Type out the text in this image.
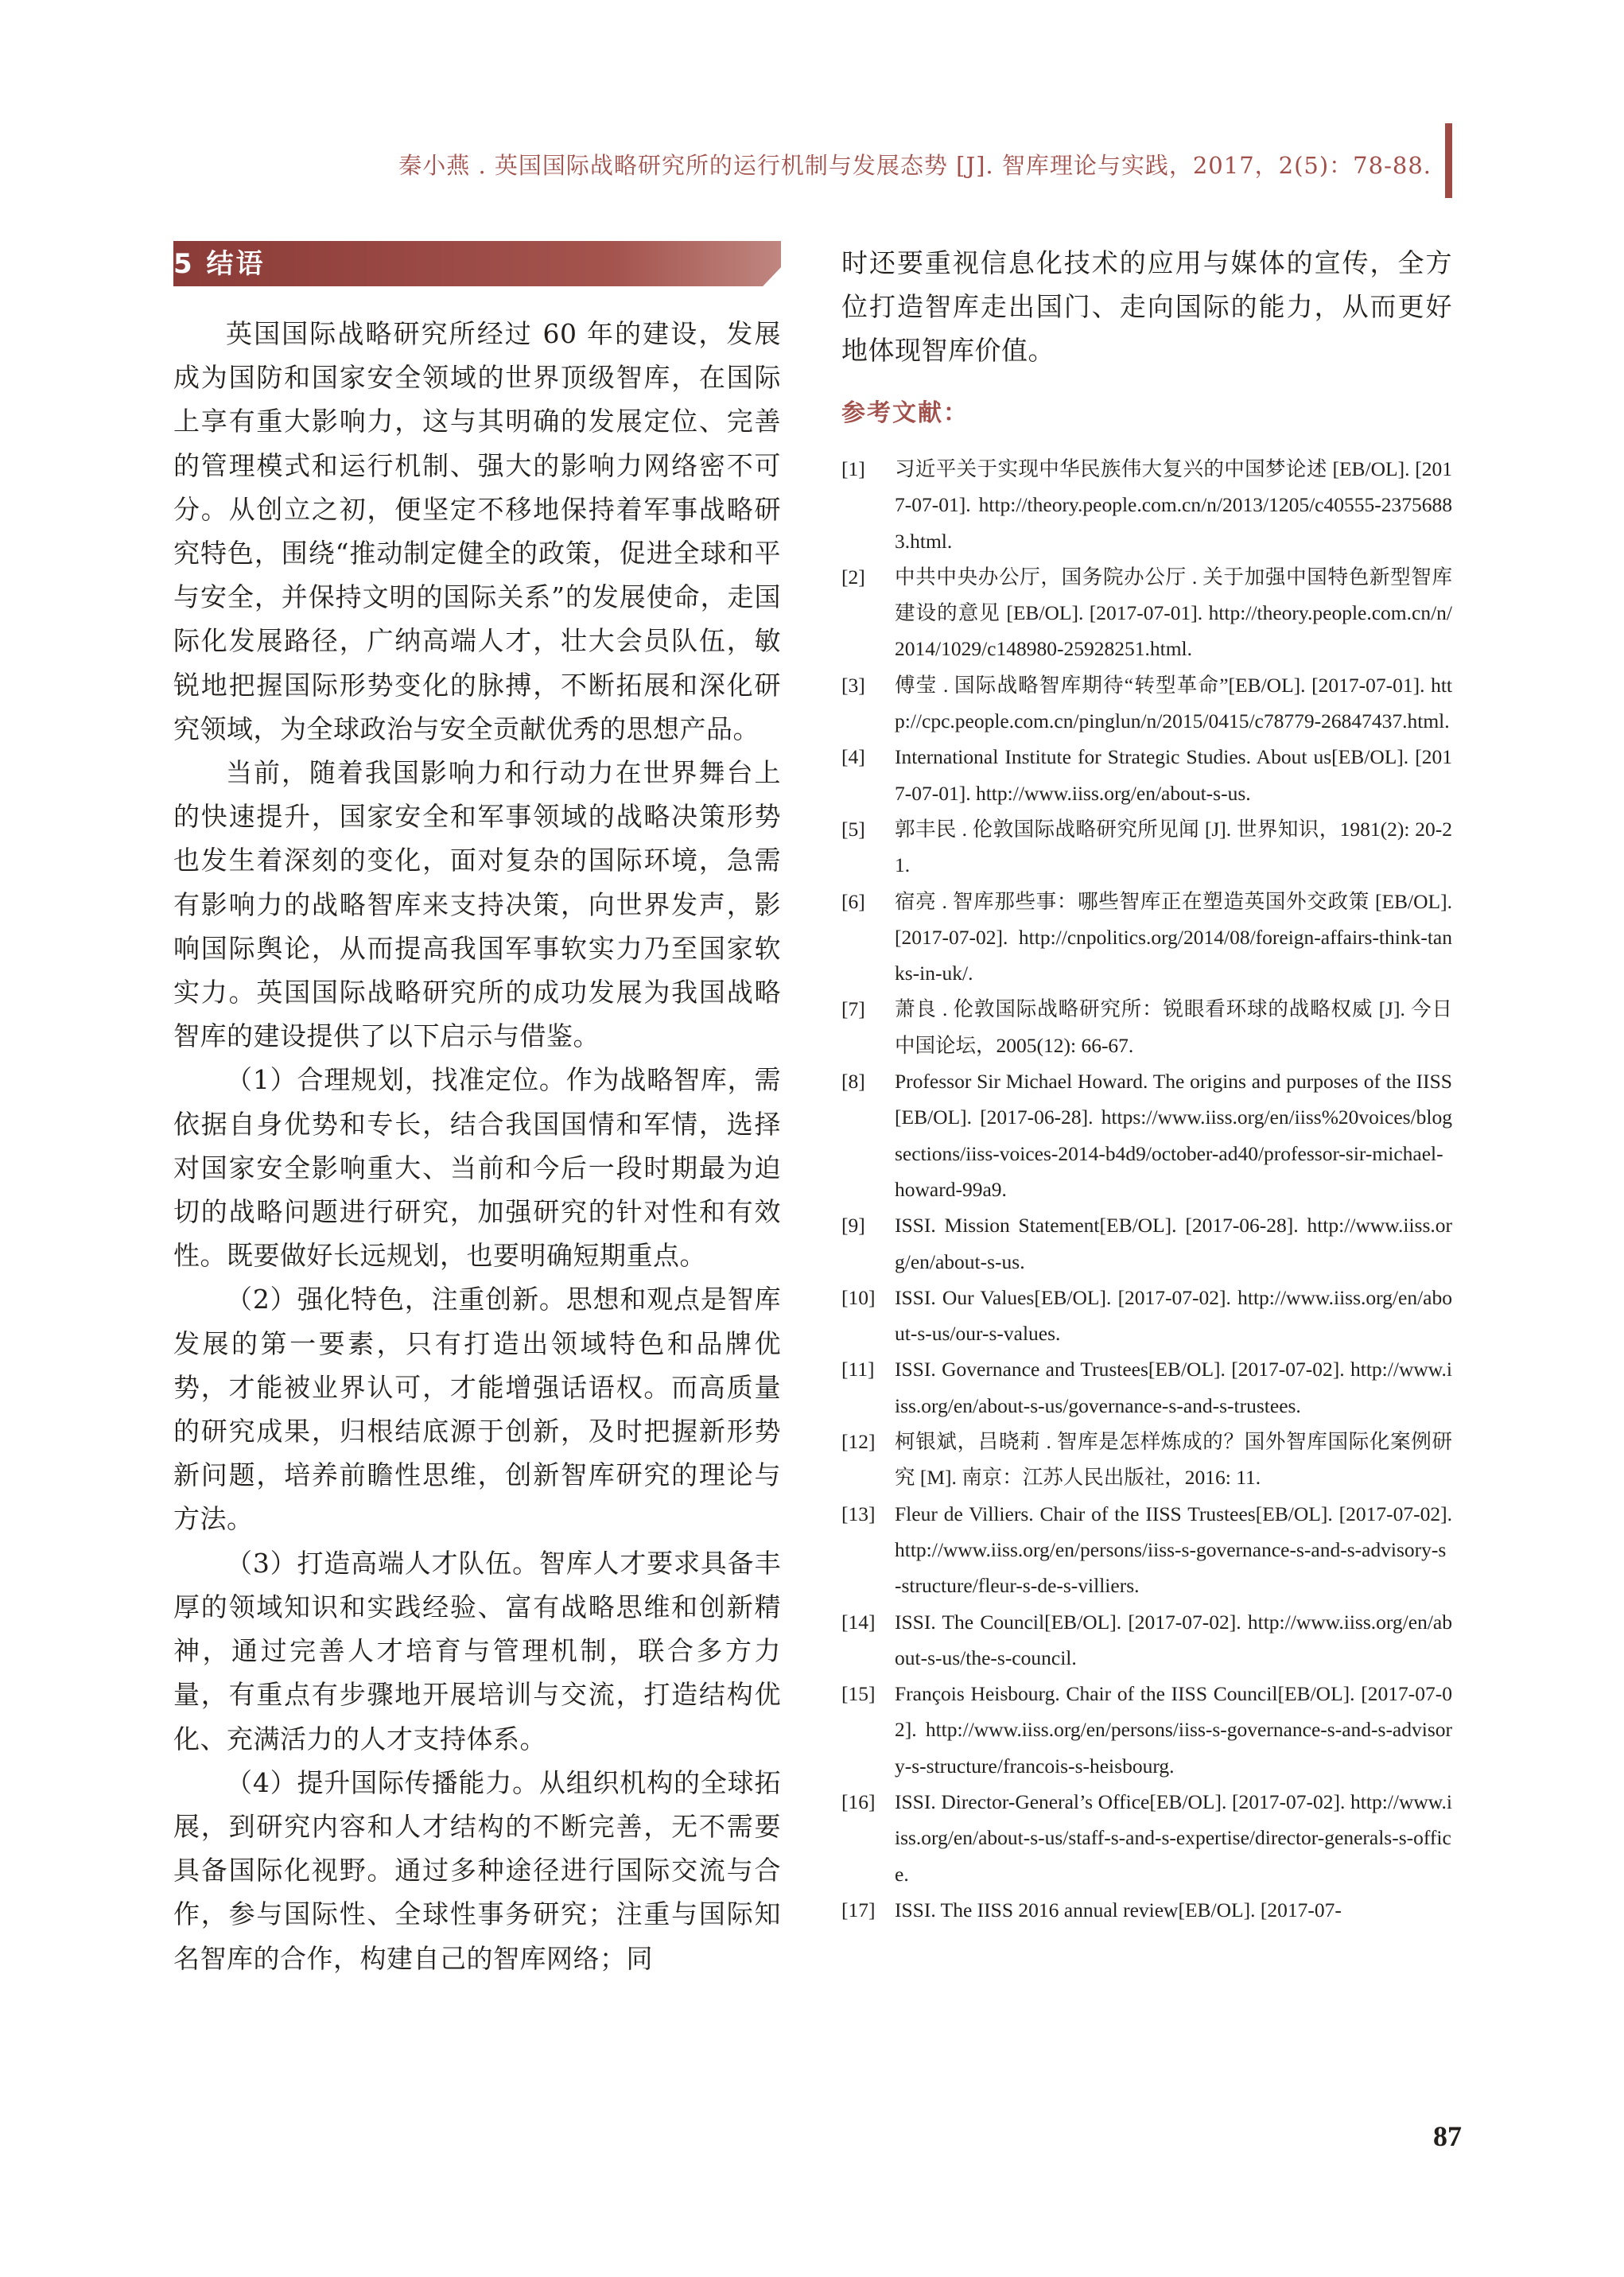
秦小燕 . 英国国际战略研究所的运行机制与发展态势 [J]. 智库理论与实践，2017，2(5)：78-88.
5 结语

英国国际战略研究所经过 60 年的建设，发展成为国防和国家安全领域的世界顶级智库，在国际上享有重大影响力，这与其明确的发展定位、完善的管理模式和运行机制、强大的影响力网络密不可分。从创立之初，便坚定不移地保持着军事战略研究特色，围绕“推动制定健全的政策，促进全球和平与安全，并保持文明的国际关系”的发展使命，走国际化发展路径，广纳高端人才，壮大会员队伍，敏锐地把握国际形势变化的脉搏，不断拓展和深化研究领域，为全球政治与安全贡献优秀的思想产品。

当前，随着我国影响力和行动力在世界舞台上的快速提升，国家安全和军事领域的战略决策形势也发生着深刻的变化，面对复杂的国际环境，急需有影响力的战略智库来支持决策，向世界发声，影响国际舆论，从而提高我国军事软实力乃至国家软实力。英国国际战略研究所的成功发展为我国战略智库的建设提供了以下启示与借鉴。

（1）合理规划，找准定位。作为战略智库，需依据自身优势和专长，结合我国国情和军情，选择对国家安全影响重大、当前和今后一段时期最为迫切的战略问题进行研究，加强研究的针对性和有效性。既要做好长远规划，也要明确短期重点。

（2）强化特色，注重创新。思想和观点是智库发展的第一要素，只有打造出领域特色和品牌优势，才能被业界认可，才能增强话语权。而高质量的研究成果，归根结底源于创新，及时把握新形势新问题，培养前瞻性思维，创新智库研究的理论与方法。

（3）打造高端人才队伍。智库人才要求具备丰厚的领域知识和实践经验、富有战略思维和创新精神，通过完善人才培育与管理机制，联合多方力量，有重点有步骤地开展培训与交流，打造结构优化、充满活力的人才支持体系。

（4）提升国际传播能力。从组织机构的全球拓展，到研究内容和人才结构的不断完善，无不需要具备国际化视野。通过多种途径进行国际交流与合作，参与国际性、全球性事务研究；注重与国际知名智库的合作，构建自己的智库网络；同

时还要重视信息化技术的应用与媒体的宣传，全方位打造智库走出国门、走向国际的能力，从而更好地体现智库价值。

参考文献：
[1] 习近平关于实现中华民族伟大复兴的中国梦论述 [EB/OL]. [2017-07-01]. http://theory.people.com.cn/n/2013/1205/c40555-23756883.html.
[2] 中共中央办公厅，国务院办公厅 . 关于加强中国特色新型智库建设的意见 [EB/OL]. [2017-07-01]. http://theory.people.com.cn/n/2014/1029/c148980-25928251.html.
[3] 傅莹 . 国际战略智库期待“转型革命”[EB/OL]. [2017-07-01]. http://cpc.people.com.cn/pinglun/n/2015/0415/c78779-26847437.html.
[4] International Institute for Strategic Studies. About us[EB/OL]. [2017-07-01]. http://www.iiss.org/en/about-s-us.
[5] 郭丰民 . 伦敦国际战略研究所见闻 [J]. 世界知识，1981(2): 20-21.
[6] 宿亮 . 智库那些事：哪些智库正在塑造英国外交政策 [EB/OL]. [2017-07-02]. http://cnpolitics.org/2014/08/foreign-affairs-think-tanks-in-uk/.
[7] 萧良 . 伦敦国际战略研究所：锐眼看环球的战略权威 [J]. 今日中国论坛，2005(12): 66-67.
[8] Professor Sir Michael Howard. The origins and purposes of the IISS[EB/OL]. [2017-06-28]. https://www.iiss.org/en/iiss%20voices/blogsections/iiss-voices-2014-b4d9/october-ad40/professor-sir-michael-howard-99a9.
[9] ISSI. Mission Statement[EB/OL]. [2017-06-28]. http://www.iiss.org/en/about-s-us.
[10] ISSI. Our Values[EB/OL]. [2017-07-02]. http://www.iiss.org/en/about-s-us/our-s-values.
[11] ISSI. Governance and Trustees[EB/OL]. [2017-07-02]. http://www.iiss.org/en/about-s-us/governance-s-and-s-trustees.
[12] 柯银斌，吕晓莉 . 智库是怎样炼成的？国外智库国际化案例研究 [M]. 南京：江苏人民出版社，2016: 11.
[13] Fleur de Villiers. Chair of the IISS Trustees[EB/OL]. [2017-07-02]. http://www.iiss.org/en/persons/iiss-s-governance-s-and-s-advisory-s-structure/fleur-s-de-s-villiers.
[14] ISSI. The Council[EB/OL]. [2017-07-02]. http://www.iiss.org/en/about-s-us/the-s-council.
[15] François Heisbourg. Chair of the IISS Council[EB/OL]. [2017-07-02]. http://www.iiss.org/en/persons/iiss-s-governance-s-and-s-advisory-s-structure/francois-s-heisbourg.
[16] ISSI. Director-General’s Office[EB/OL]. [2017-07-02]. http://www.iiss.org/en/about-s-us/staff-s-and-s-expertise/director-generals-s-office.
[17] ISSI. The IISS 2016 annual review[EB/OL]. [2017-07-
87
